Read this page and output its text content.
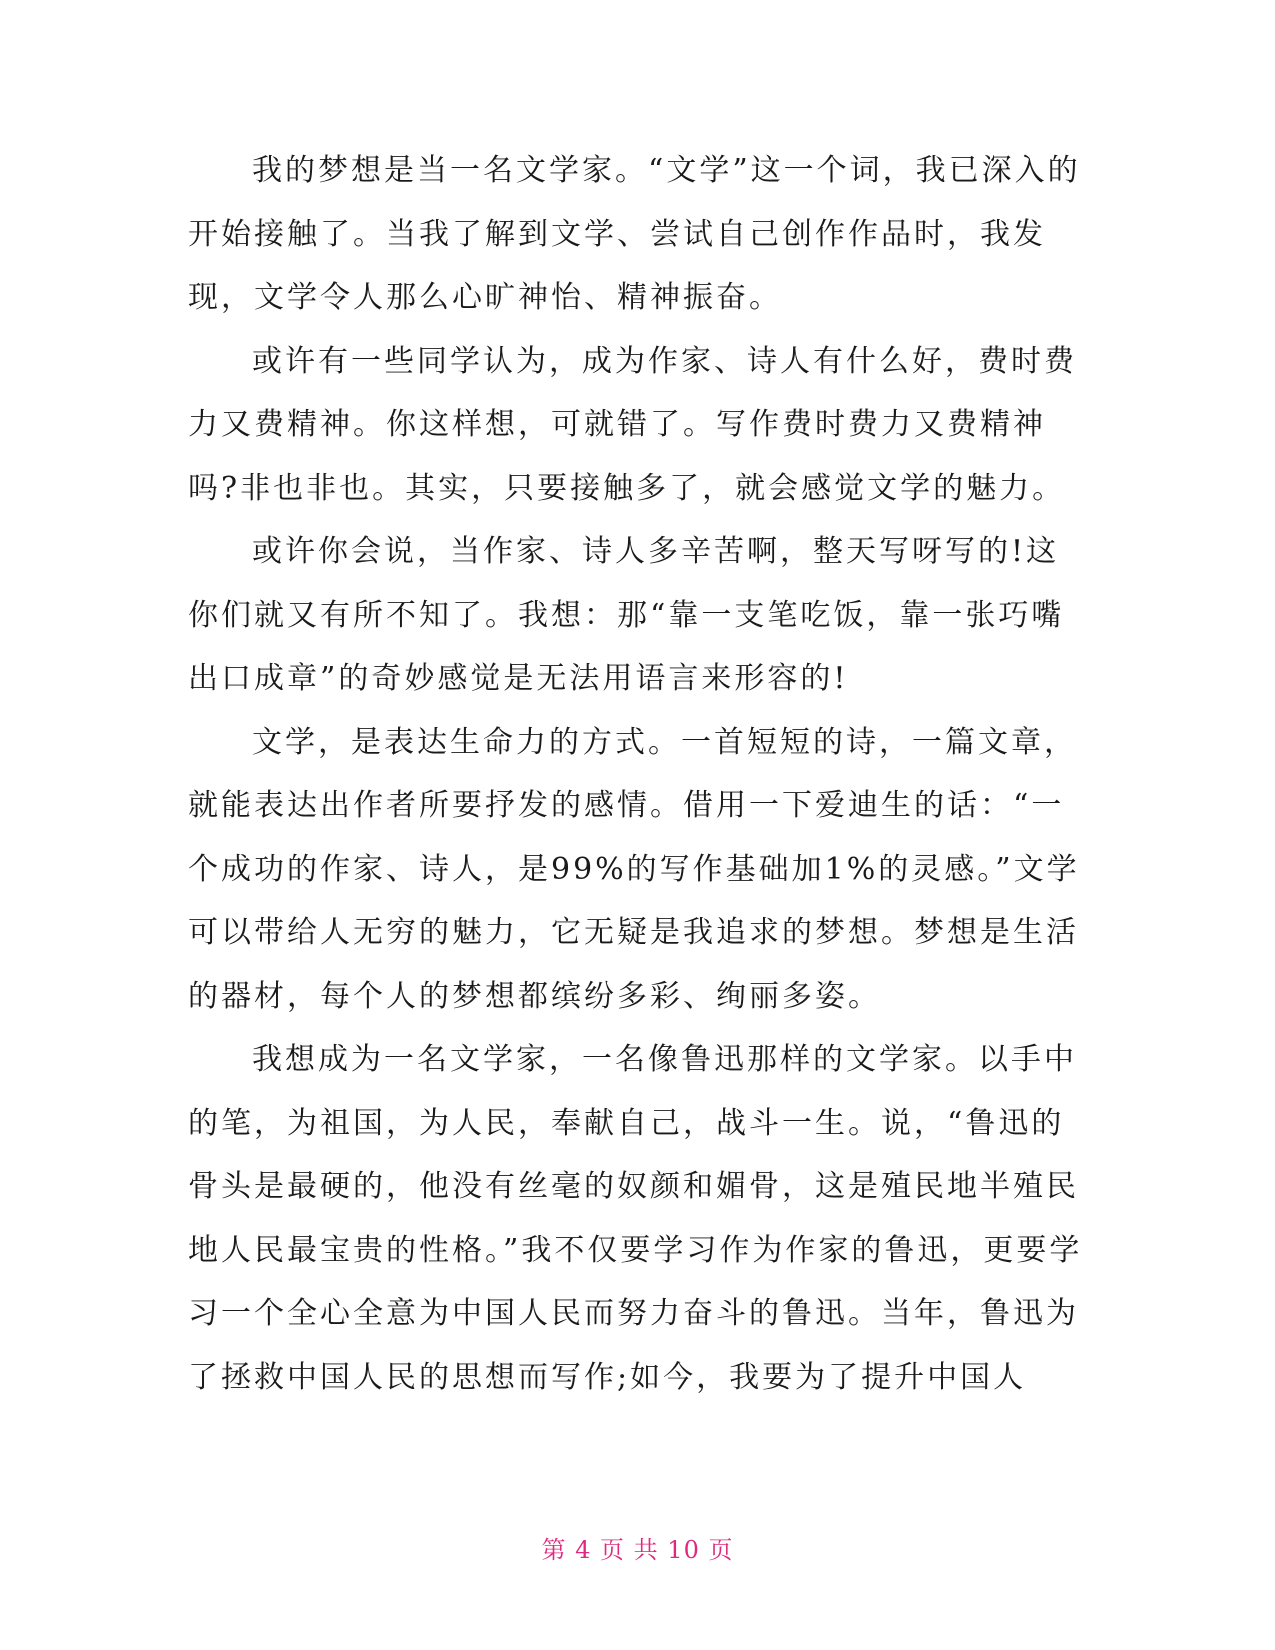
我的梦想是当一名文学家。“文学”这一个词，我已深入的开始接触了。当我了解到文学、尝试自己创作作品时，我发现，文学令人那么心旷神怡、精神振奋。

或许有一些同学认为，成为作家、诗人有什么好，费时费力又费精神。你这样想，可就错了。写作费时费力又费精神吗?非也非也。其实，只要接触多了，就会感觉文学的魅力。

或许你会说，当作家、诗人多辛苦啊，整天写呀写的!这你们就又有所不知了。我想：那“靠一支笔吃饭，靠一张巧嘴出口成章”的奇妙感觉是无法用语言来形容的!

文学，是表达生命力的方式。一首短短的诗，一篇文章，就能表达出作者所要抒发的感情。借用一下爱迪生的话：“一个成功的作家、诗人，是99%的写作基础加1%的灵感。”文学可以带给人无穷的魅力，它无疑是我追求的梦想。梦想是生活的器材，每个人的梦想都缤纷多彩、绚丽多姿。

我想成为一名文学家，一名像鲁迅那样的文学家。以手中的笔，为祖国，为人民，奉献自己，战斗一生。说，“鲁迅的骨头是最硬的，他没有丝毫的奴颜和媚骨，这是殖民地半殖民地人民最宝贵的性格。”我不仅要学习作为作家的鲁迅，更要学习一个全心全意为中国人民而努力奋斗的鲁迅。当年，鲁迅为了拯救中国人民的思想而写作;如今，我要为了提升中国人

第 4 页 共 10 页
